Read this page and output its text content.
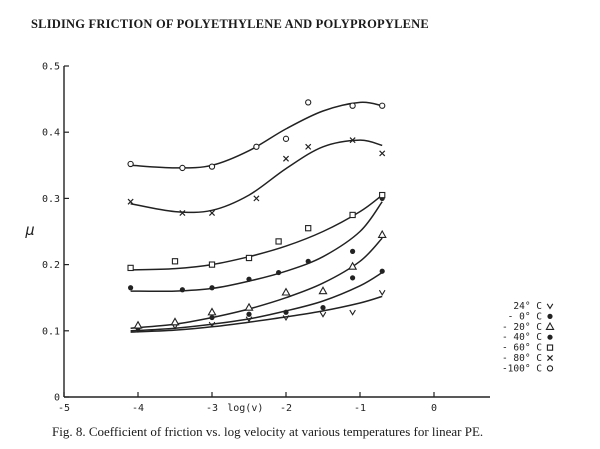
SLIDING FRICTION OF POLYETHYLENE AND POLYPROPYLENE
0
0.1
0.2
0.3
0.4
0.5
-5	-4	-3	-2	-1	0
log(v)
μ
24° C
- 0° C
- 20° C
- 40° C
- 60° C
- 80° C
-100° C
Fig. 8. Coefficient of friction vs. log velocity at various temperatures for linear PE.
